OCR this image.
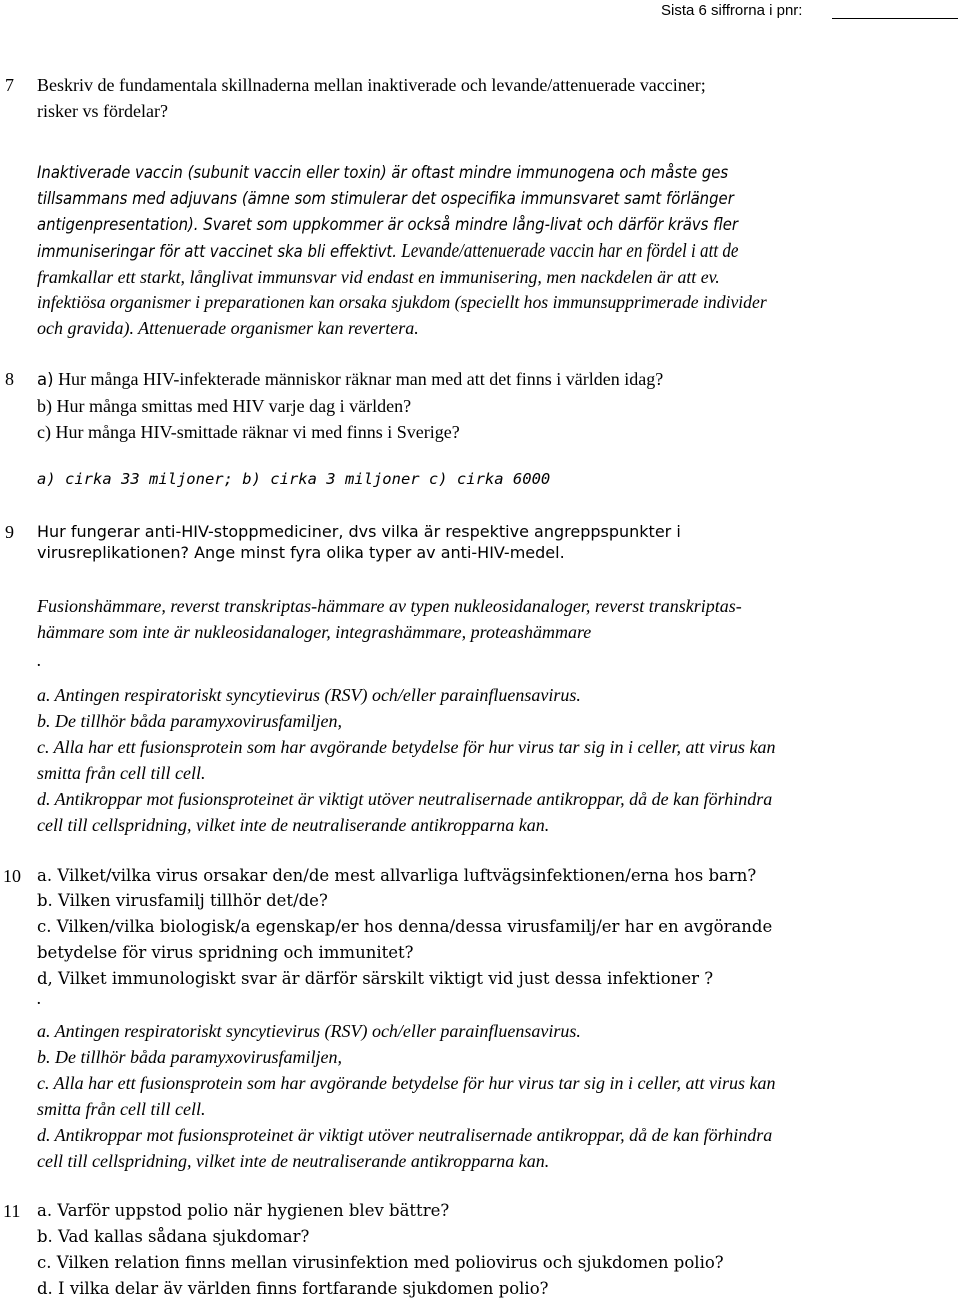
Sista 6 siffrorna i pnr:
7 Beskriv de fundamentala skillnaderna mellan inaktiverade och levande/attenuerade vacciner;
risker vs fördelar?
Inaktiverade vaccin (subunit vaccin eller toxin) är oftast mindre immunogena och måste ges
tillsammans med adjuvans (ämne som stimulerar det ospecifika immunsvaret samt förlänger
antigenpresentation). Svaret som uppkommer är också mindre lång-livat och därför krävs fler
immuniseringar för att vaccinet ska bli effektivt. Levande/attenuerade vaccin har en fördel i att de
framkallar ett starkt, långlivat immunsvar vid endast en immunisering, men nackdelen är att ev.
infektiösa organismer i preparationen kan orsaka sjukdom (speciellt hos immunsupprimerade individer
och gravida). Attenuerade organismer kan revertera.
8 a) Hur många HIV-infekterade människor räknar man med att det finns i världen idag?
b) Hur många smittas med HIV varje dag i världen?
c) Hur många HIV-smittade räknar vi med finns i Sverige?
a) cirka 33 miljoner; b) cirka 3 miljoner c) cirka 6000
9 Hur fungerar anti-HIV-stoppmediciner, dvs vilka är respektive angreppspunkter i
virusreplikationen? Ange minst fyra olika typer av anti-HIV-medel.
Fusionshämmare, reverst transkriptas-hämmare av typen nukleosidanaloger, reverst transkriptas-
hämmare som inte är nukleosidanaloger, integrashämmare, proteashämmare
.
a. Antingen respiratoriskt syncytievirus (RSV) och/eller parainfluensavirus.
b. De tillhör båda paramyxovirusfamiljen,
c. Alla har ett fusionsprotein som har avgörande betydelse för hur virus tar sig in i celler, att virus kan
smitta från cell till cell.
d. Antikroppar mot fusionsproteinet är viktigt utöver neutralisernade antikroppar, då de kan förhindra
cell till cellspridning, vilket inte de neutraliserande antikropparna kan.
10 a. Vilket/vilka virus orsakar den/de mest allvarliga luftvägsinfektionen/erna hos barn?
b. Vilken virusfamilj tillhör det/de?
c. Vilken/vilka biologisk/a egenskap/er hos denna/dessa virusfamilj/er har en avgörande
betydelse för virus spridning och immunitet?
d, Vilket immunologiskt svar är därför särskilt viktigt vid just dessa infektioner ?
.
a. Antingen respiratoriskt syncytievirus (RSV) och/eller parainfluensavirus.
b. De tillhör båda paramyxovirusfamiljen,
c. Alla har ett fusionsprotein som har avgörande betydelse för hur virus tar sig in i celler, att virus kan
smitta från cell till cell.
d. Antikroppar mot fusionsproteinet är viktigt utöver neutralisernade antikroppar, då de kan förhindra
cell till cellspridning, vilket inte de neutraliserande antikropparna kan.
11 a. Varför uppstod polio när hygienen blev bättre?
b. Vad kallas sådana sjukdomar?
c. Vilken relation finns mellan virusinfektion med poliovirus och sjukdomen polio?
d. I vilka delar äv världen finns fortfarande sjukdomen polio?
